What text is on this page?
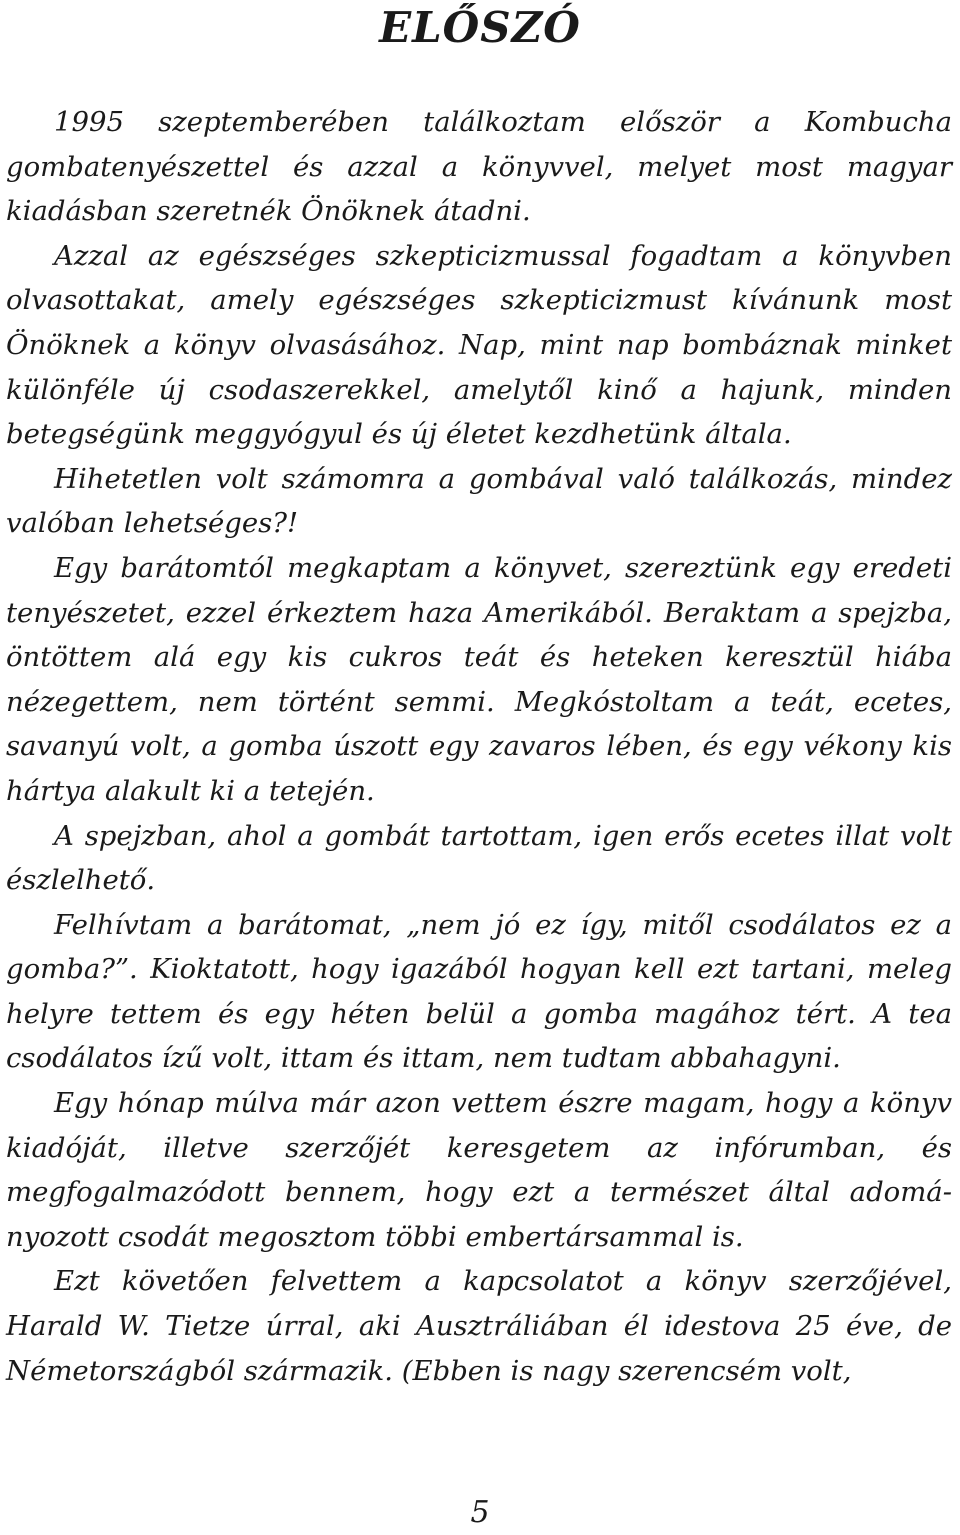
ELŐSZÓ

1995 szeptemberében találkoztam először a Kombucha gombatenyészettel és azzal a könyvvel, melyet most magyar kiadásban szeretnék Önöknek átadni.

Azzal az egészséges szkepticizmussal fogadtam a könyvben olvasottakat, amely egészséges szkepticizmust kívánunk most Önöknek a könyv olvasásához. Nap, mint nap bombáznak minket különféle új csodaszerekkel, amelytől kinő a hajunk, minden betegségünk meggyógyul és új életet kezdhetünk általa.

Hihetetlen volt számomra a gombával való találkozás, mindez valóban lehetséges?!

Egy barátomtól megkaptam a könyvet, szereztünk egy eredeti tenyészetet, ezzel érkeztem haza Amerikából. Beraktam a spejzba, öntöttem alá egy kis cukros teát és heteken keresztül hiába nézegettem, nem történt semmi. Megkóstoltam a teát, ecetes, savanyú volt, a gomba úszott egy zavaros lében, és egy vékony kis hártya alakult ki a tetején.

A spejzban, ahol a gombát tartottam, igen erős ecetes illat volt észlelhető.

Felhívtam a barátomat, „nem jó ez így, mitől csodálatos ez a gomba?”. Kioktatott, hogy igazából hogyan kell ezt tartani, meleg helyre tettem és egy héten belül a gomba magához tért. A tea csodálatos ízű volt, ittam és ittam, nem tudtam abbahagyni.

Egy hónap múlva már azon vettem észre magam, hogy a könyv kiadóját, illetve szerzőjét keresgetem az infórumban, és megfogalmazódott bennem, hogy ezt a természet által adományozott csodát megosztom többi embertársammal is.

Ezt követően felvettem a kapcsolatot a könyv szerzőjével, Harald W. Tietze úrral, aki Ausztráliában él idestova 25 éve, de Németországból származik. (Ebben is nagy szerencsém volt,

5
